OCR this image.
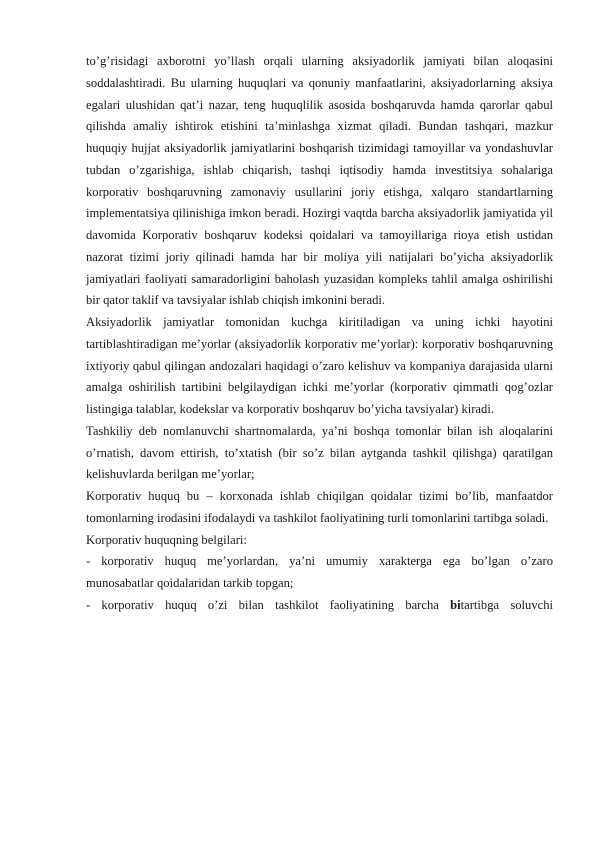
to’g’risidagi axborotni yo’llash orqali ularning aksiyadorlik jamiyati bilan aloqasini

soddalashtiradi. Bu ularning huquqlari va qonuniy manfaatlarini, aksiyadorlarning aksiya egalari ulushidan qat’i nazar, teng huquqlilik asosida boshqaruvda hamda qarorlar qabul qilishda amaliy ishtirok etishini ta’minlashga xizmat qiladi. Bundan tashqari, mazkur huquqiy hujjat aksiyadorlik jamiyatlarini boshqarish tizimidagi tamoyillar va yondashuvlar tubdan o’zgarishiga, ishlab chiqarish, tashqi iqtisodiy hamda investitsiya sohalariga korporativ boshqaruvning zamonaviy usullarini joriy etishga, xalqaro standartlarning implementatsiya qilinishiga imkon beradi. Hozirgi vaqtda barcha aksiyadorlik jamiyatida yil davomida Korporativ boshqaruv kodeksi qoidalari va tamoyillariga rioya etish ustidan nazorat tizimi joriy qilinadi hamda har bir moliya yili natijalari bo’yicha aksiyadorlik jamiyatlari faoliyati samaradorligini baholash yuzasidan kompleks tahlil amalga oshirilishi bir qator taklif va tavsiyalar ishlab chiqish imkonini beradi.

Aksiyadorlik jamiyatlar tomonidan kuchga kiritiladigan va uning ichki hayotini tartiblashtiradigan me’yorlar (aksiyadorlik korporativ me’yorlar): korporativ boshqaruvning ixtiyoriy qabul qilingan andozalari haqidagi o’zaro kelishuv va kompaniya darajasida ularni amalga oshirilish tartibini belgilaydigan ichki me’yorlar (korporativ qimmatli qog’ozlar listingiga talablar, kodekslar va korporativ boshqaruv bo’yicha tavsiyalar) kiradi.

Tashkiliy deb nomlanuvchi shartnomalarda, ya’ni boshqa tomonlar bilan ish aloqalarini o’rnatish, davom ettirish, to’xtatish (bir so’z bilan aytganda tashkil qilishga) qaratilgan kelishuvlarda berilgan me’yorlar;

Korporativ huquq bu – korxonada ishlab chiqilgan qoidalar tizimi bo’lib, manfaatdor tomonlarning irodasini ifodalaydi va tashkilot faoliyatining turli tomonlarini tartibga soladi.

Korporativ huquqning belgilari:

- korporativ huquq me’yorlardan, ya’ni umumiy xarakterga ega bo’lgan o’zaro munosabatlar qoidalaridan tarkib topgan;

- korporativ huquq o’zi bilan tashkilot faoliyatining barcha bitartibga soluvchi
